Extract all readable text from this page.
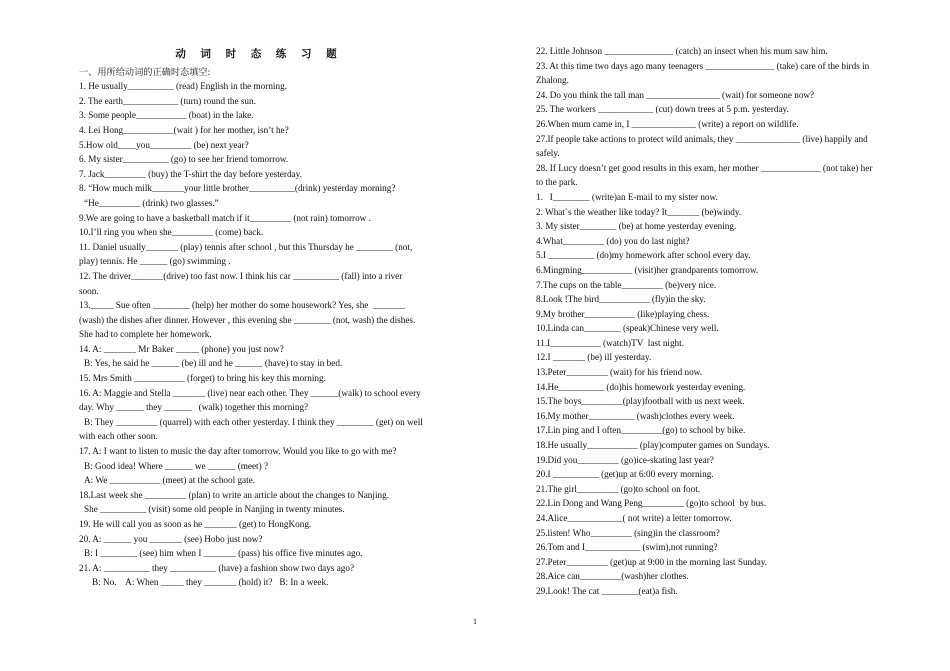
动 词 时 态 练 习 题
一、用所给动词的正确时态填空:
1. He usually__________ (read) English in the morning.
2. The earth____________ (turn) round the sun.
3. Some people___________ (boat) in the lake.
4. Lei Hong___________(wait ) for her mother, isn’t he?
5.How old____you_________ (be) next year?
6. My sister__________ (go) to see her friend tomorrow.
7. Jack_________ (buy) the T-shirt the day before yesterday.
8. “How much milk_______your little brother__________(drink) yesterday morning?
“He_________ (drink) two glasses.”
9.We are going to have a basketball match if it_________ (not rain) tomorrow .
10.I’ll ring you when she_________ (come) back.
11. Daniel usually_______ (play) tennis after school , but this Thursday he ________ (not,
play) tennis. He ______ (go) swimming .
12. The driver_______(drive) too fast now. I think his car __________ (fall) into a river
soon.
13._____ Sue often ________ (help) her mother do some housework? Yes, she  _______
(wash) the dishes after dinner. However , this evening she ________ (not, wash) the dishes.
She had to complete her homework.
14. A: _______ Mr Baker _____ (phone) you just now?
B: Yes, he said he ______ (be) ill and he ______ (have) to stay in bed.
15. Mrs Smith ___________ (forget) to bring his key this morning.
16. A: Maggie and Stella _______ (live) near each other. They ______(walk) to school every
day. Why ______ they ______   (walk) together this morning?
B: They _________ (quarrel) with each other yesterday. I think they ________ (get) on well
with each other soon.
17. A: I want to listen to music the day after tomorrow. Would you like to go with me?
B: Good idea! Where ______ we ______ (meet) ?
A: We ___________ (meet) at the school gate.
18.Last week she _________ (plan) to write an article about the changes to Nanjing.
She __________ (visit) some old people in Nanjing in twenty minutes.
19. He will call you as soon as he _______ (get) to HongKong.
20. A: ______ you _______ (see) Hobo just now?
B: I ________ (see) him when I _______ (pass) his office five minutes ago.
21. A: __________ they __________ (have) a fashion show two days ago?
B: No.    A: When _____ they _______ (hold) it?   B: In a week.
22. Little Johnson _______________ (catch) an insect when his mum saw him.
23. At this time two days ago many teenagers _______________ (take) care of the birds in
Zhalong.
24. Do you think the tall man ________________ (wait) for someone now?
25. The workers ____________ (cut) down trees at 5 p.m. yesterday.
26.When mum came in, I ______________ (write) a report on wildlife.
27.If people take actions to protect wild animals, they ______________ (live) happily and
safely.
28. If Lucy doesn’t get good results in this exam, her mother _____________ (not take) her
to the park.
1.   I________ (write)an E-mail to my sister now.
2. What`s the weather like today? It_______ (be)windy.
3. My sister________ (be) at home yesterday evening.
4.What_________ (do) you do last night?
5.I __________ (do)my homework after school every day.
6.Mingming___________ (visit)her grandparents tomorrow.
7.The cups on the table_________ (be)very nice.
8.Look !The bird___________ (fly)in the sky.
9.My brother___________ (like)playing chess.
10.Linda can________ (speak)Chinese very well.
11.I___________ (watch)TV  last night.
12.I _______ (be) ill yesterday.
13.Peter_________ (wait) for his friend now.
14.He__________ (do)his homework yesterday evening.
15.The boys_________(play)football with us next week.
16.My mother__________ (wash)clothes every week.
17.Lin ping and I often_________(go) to school by bike.
18.He usually___________ (play)computer games on Sundays.
19.Did you_________ (go)ice-skating last year?
20.I __________ (get)up at 6:00 every morning.
21.The girl_________ (go)to school on foot.
22.Lin Dong and Wang Peng_________ (go)to school  by bus.
24.Alice____________( not write) a letter tomorrow.
25.listen! Who_________ (sing)in the classroom?
26.Tom and I____________ (swim),not running?
27.Peter_________ (get)up at 9:00 in the morning last Sunday.
28.Aice can_________(wash)her clothes.
29.Look! The cat ________(eat)a fish.
1
